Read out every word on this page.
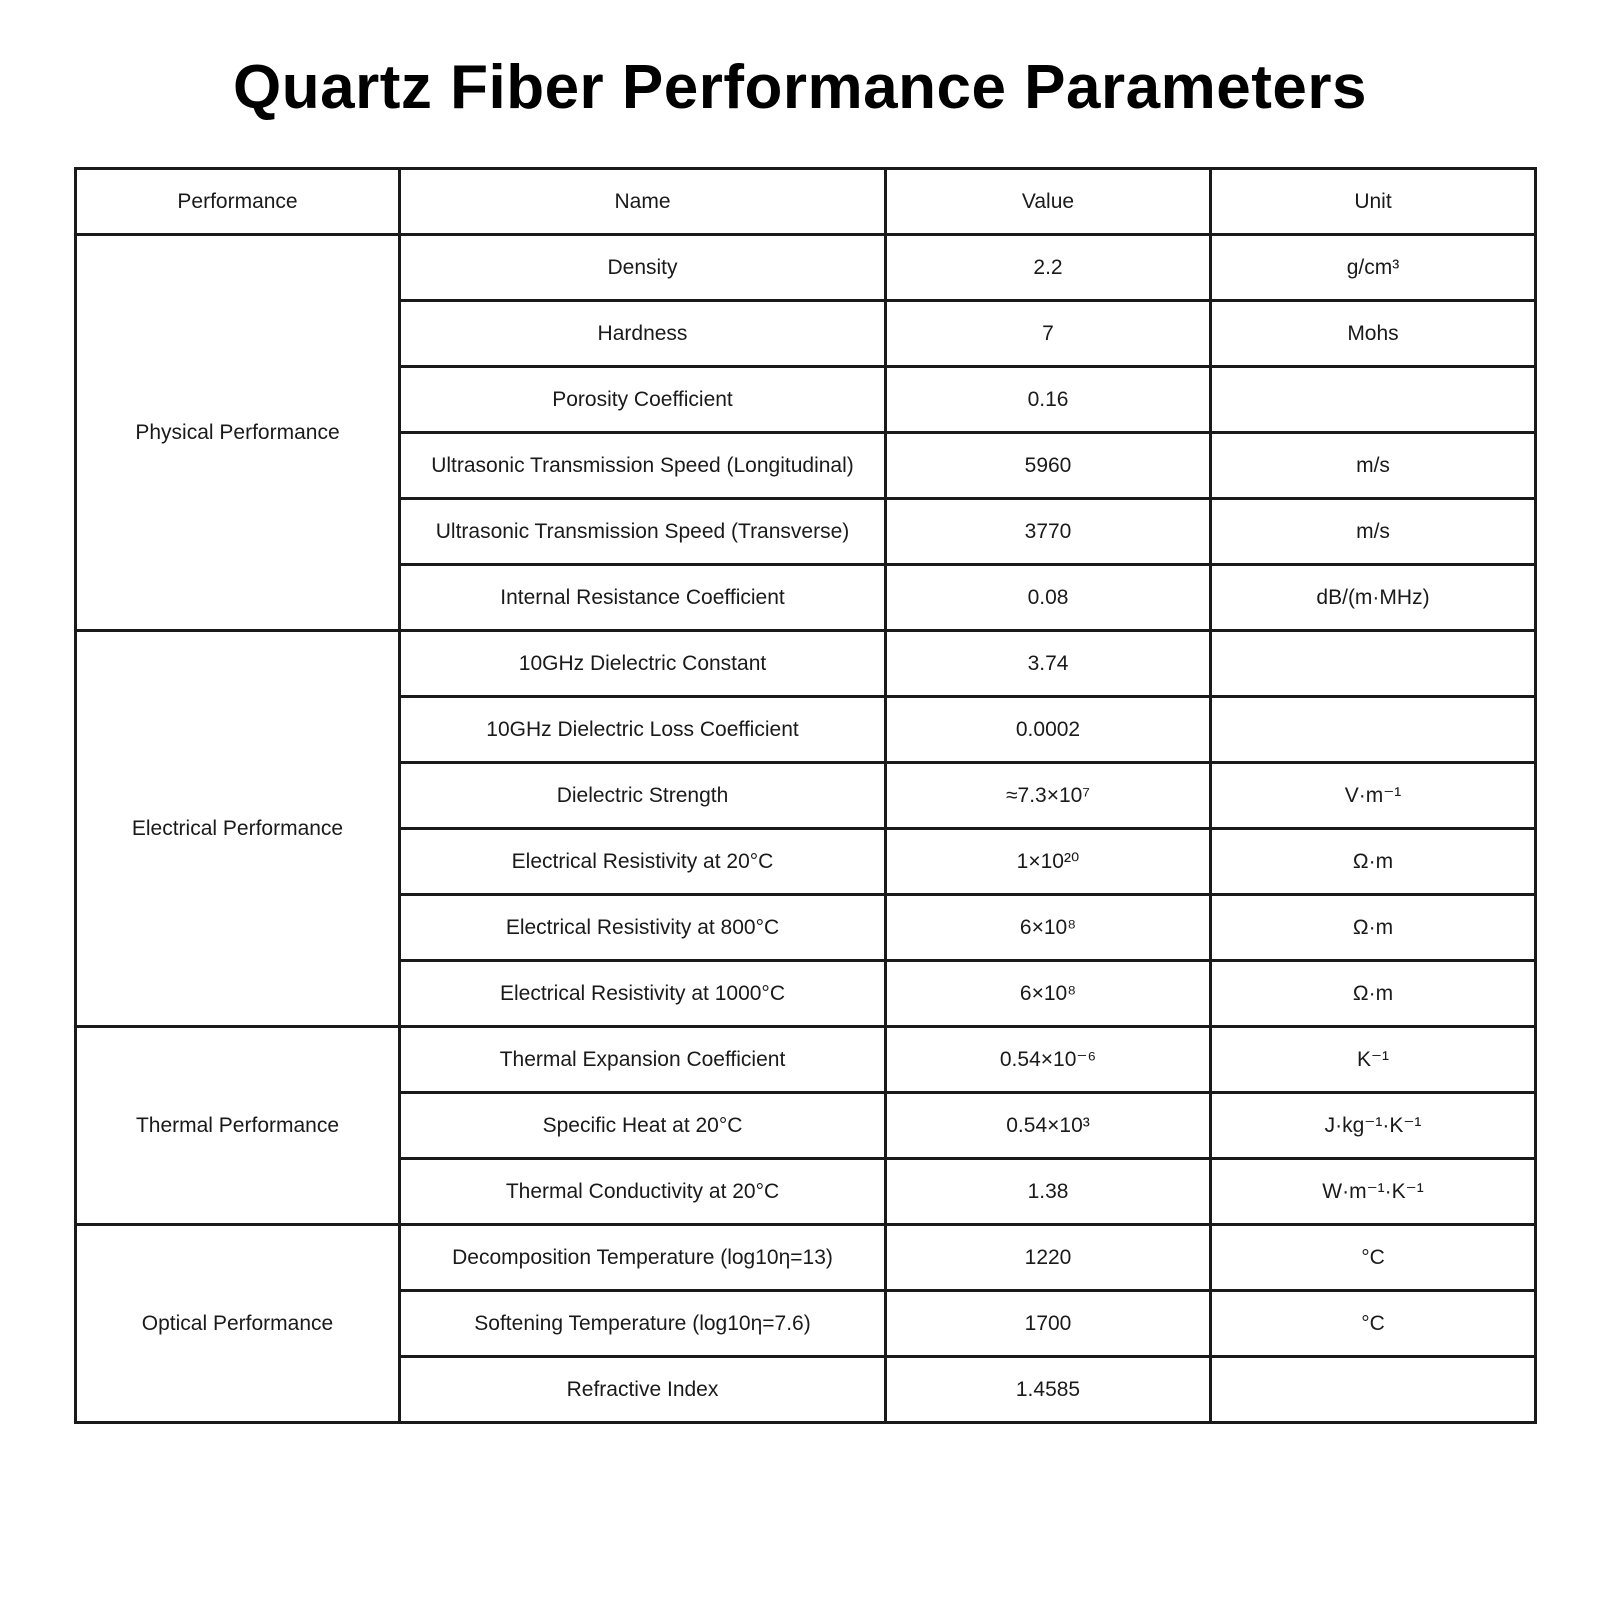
Quartz Fiber Performance Parameters
Performance	Name	Value	Unit
Physical Performance	Density	2.2	g/cm³
	Hardness	7	Mohs
	Porosity Coefficient	0.16	
	Ultrasonic Transmission Speed (Longitudinal)	5960	m/s
	Ultrasonic Transmission Speed (Transverse)	3770	m/s
	Internal Resistance Coefficient	0.08	dB/(m·MHz)
Electrical Performance	10GHz Dielectric Constant	3.74	
	10GHz Dielectric Loss Coefficient	0.0002	
	Dielectric Strength	≈7.3×10⁷	V·m⁻¹
	Electrical Resistivity at 20°C	1×10²⁰	Ω·m
	Electrical Resistivity at 800°C	6×10⁸	Ω·m
	Electrical Resistivity at 1000°C	6×10⁸	Ω·m
Thermal Performance	Thermal Expansion Coefficient	0.54×10⁻⁶	K⁻¹
	Specific Heat at 20°C	0.54×10³	J·kg⁻¹·K⁻¹
	Thermal Conductivity at 20°C	1.38	W·m⁻¹·K⁻¹
Optical Performance	Decomposition Temperature (log10η=13)	1220	°C
	Softening Temperature (log10η=7.6)	1700	°C
	Refractive Index	1.4585	
